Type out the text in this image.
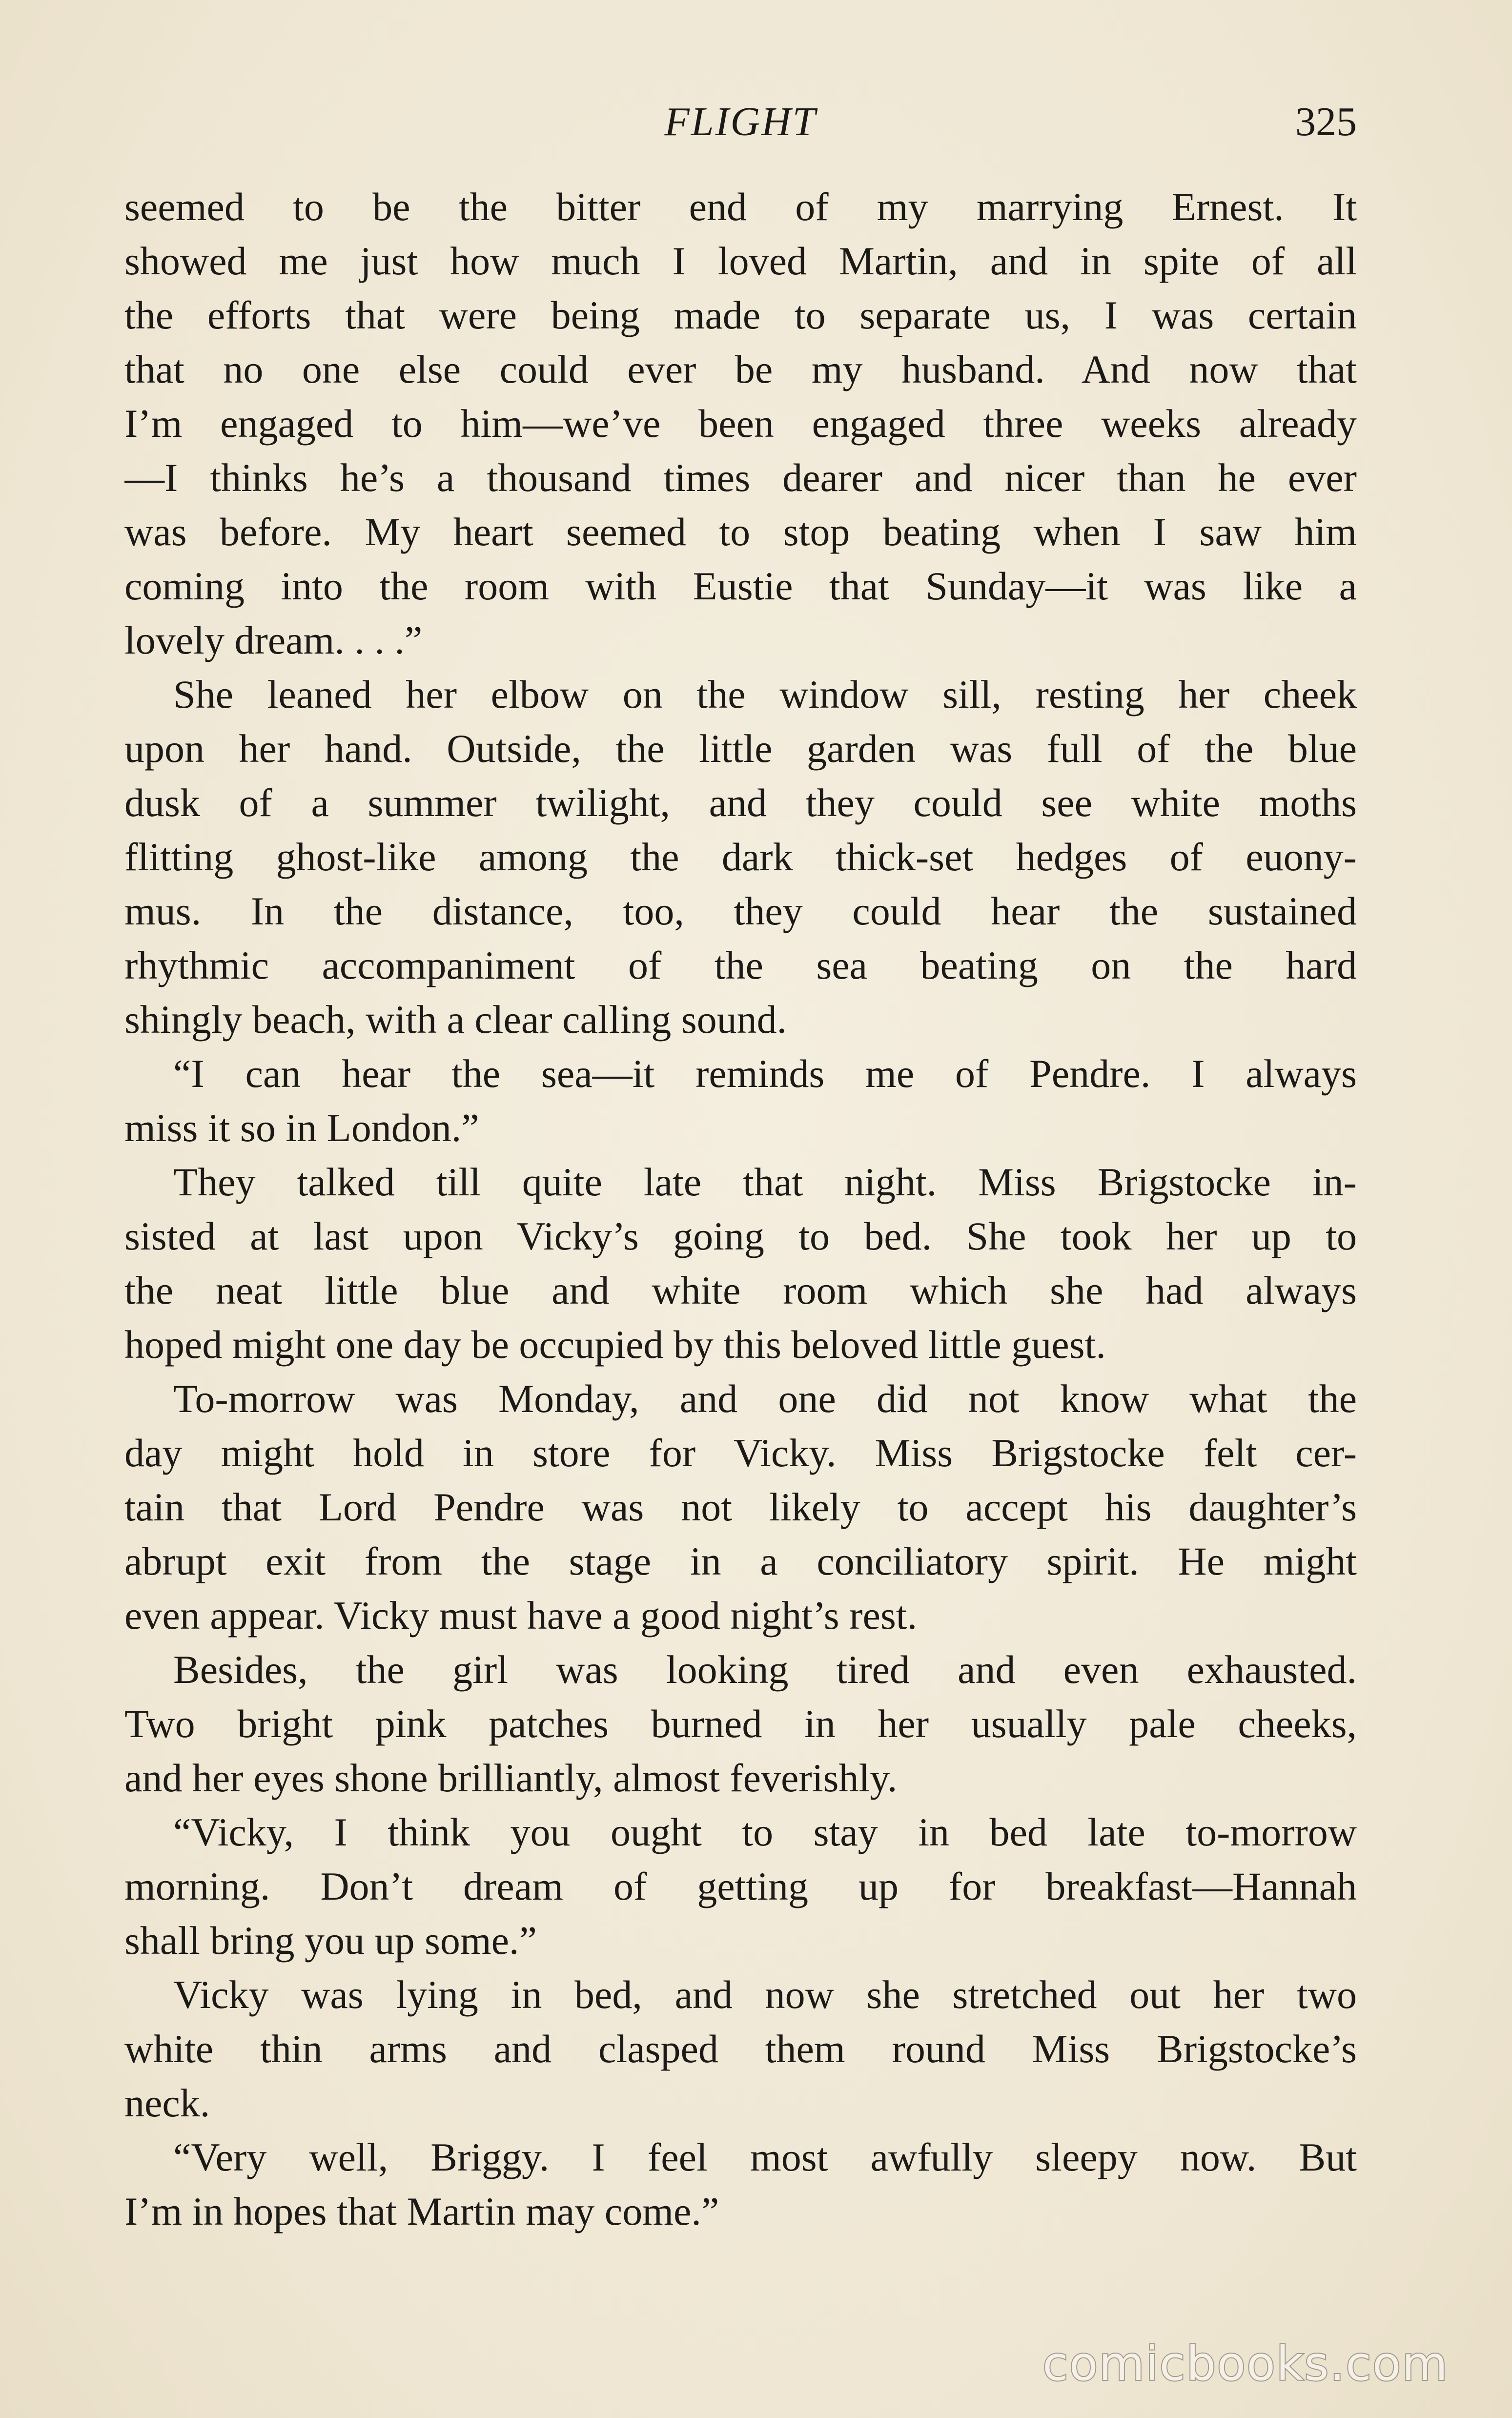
FLIGHT	325
seemed to be the bitter end of my marrying Ernest. It
showed me just how much I loved Martin, and in spite of all
the efforts that were being made to separate us, I was certain
that no one else could ever be my husband. And now that
I’m engaged to him—we’ve been engaged three weeks already
—I thinks he’s a thousand times dearer and nicer than he ever
was before. My heart seemed to stop beating when I saw him
coming into the room with Eustie that Sunday—it was like a
lovely dream. . . .”
She leaned her elbow on the window sill, resting her cheek
upon her hand. Outside, the little garden was full of the blue
dusk of a summer twilight, and they could see white moths
flitting ghost-like among the dark thick-set hedges of euony-
mus. In the distance, too, they could hear the sustained
rhythmic accompaniment of the sea beating on the hard
shingly beach, with a clear calling sound.
“I can hear the sea—it reminds me of Pendre. I always
miss it so in London.”
They talked till quite late that night. Miss Brigstocke in-
sisted at last upon Vicky’s going to bed. She took her up to
the neat little blue and white room which she had always
hoped might one day be occupied by this beloved little guest.
To-morrow was Monday, and one did not know what the
day might hold in store for Vicky. Miss Brigstocke felt cer-
tain that Lord Pendre was not likely to accept his daughter’s
abrupt exit from the stage in a conciliatory spirit. He might
even appear. Vicky must have a good night’s rest.
Besides, the girl was looking tired and even exhausted.
Two bright pink patches burned in her usually pale cheeks,
and her eyes shone brilliantly, almost feverishly.
“Vicky, I think you ought to stay in bed late to-morrow
morning. Don’t dream of getting up for breakfast—Hannah
shall bring you up some.”
Vicky was lying in bed, and now she stretched out her two
white thin arms and clasped them round Miss Brigstocke’s
neck.
“Very well, Briggy. I feel most awfully sleepy now. But
I’m in hopes that Martin may come.”
comicbooks.com
